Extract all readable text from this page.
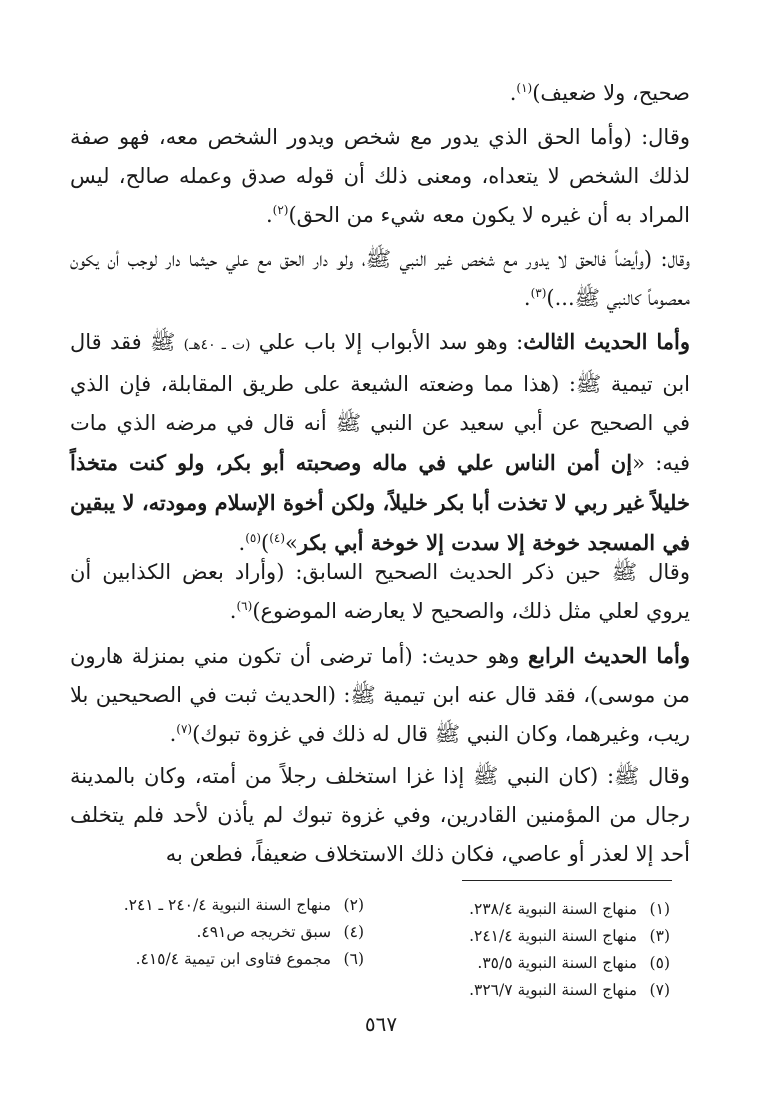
صحيح، ولا ضعيف)$^{(١)}$.

وقال: (وأما الحق الذي يدور مع شخص ويدور الشخص معه، فهو صفة لذلك الشخص لا يتعداه، ومعنى ذلك أن قوله صدق وعمله صالح، ليس المراد به أن غيره لا يكون معه شيء من الحق)$^{(٢)}$.

وقال: (وأيضاً فالحق لا يدور مع شخص غير النبي ﷺ، ولو دار الحق مع علي حيثما دار لوجب أن يكون معصوماً كالنبي ﷺ...)$^{(٣)}$.

وأما الحديث الثالث: وهو سد الأبواب إلا باب علي (ت ـ ٤٠هـ) ﷺ فقد قال ابن تيمية ﷺ: (هذا مما وضعته الشيعة على طريق المقابلة، فإن الذي في الصحيح عن أبي سعيد عن النبي ﷺ أنه قال في مرضه الذي مات فيه: «إن أمن الناس علي في ماله وصحبته أبو بكر، ولو كنت متخذاً خليلاً غير ربي لا تخذت أبا بكر خليلاً، ولكن أخوة الإسلام ومودته، لا يبقين في المسجد خوخة إلا سدت إلا خوخة أبي بكر»$^{(٤)}$)$^{(٥)}$.

وقال ﷺ حين ذكر الحديث الصحيح السابق: (وأراد بعض الكذابين أن يروي لعلي مثل ذلك، والصحيح لا يعارضه الموضوع)$^{(٦)}$.

وأما الحديث الرابع وهو حديث: (أما ترضى أن تكون مني بمنزلة هارون من موسى)، فقد قال عنه ابن تيمية ﷺ: (الحديث ثبت في الصحيحين بلا ريب، وغيرهما، وكان النبي ﷺ قال له ذلك في غزوة تبوك)$^{(٧)}$.

وقال ﷺ: (كان النبي ﷺ إذا غزا استخلف رجلاً من أمته، وكان بالمدينة رجال من المؤمنين القادرين، وفي غزوة تبوك لم يأذن لأحد فلم يتخلف أحد إلا لعذر أو عاصي، فكان ذلك الاستخلاف ضعيفاً، فطعن به

(١) منهاج السنة النبوية ٢٣٨/٤.
(٣) منهاج السنة النبوية ٢٤١/٤.
(٥) منهاج السنة النبوية ٣٥/٥.
(٧) منهاج السنة النبوية ٣٢٦/٧.
(٢) منهاج السنة النبوية ٢٤٠/٤ ـ ٢٤١.
(٤) سبق تخريجه ص٤٩١.
(٦) مجموع فتاوى ابن تيمية ٤١٥/٤.
٥٦٧
